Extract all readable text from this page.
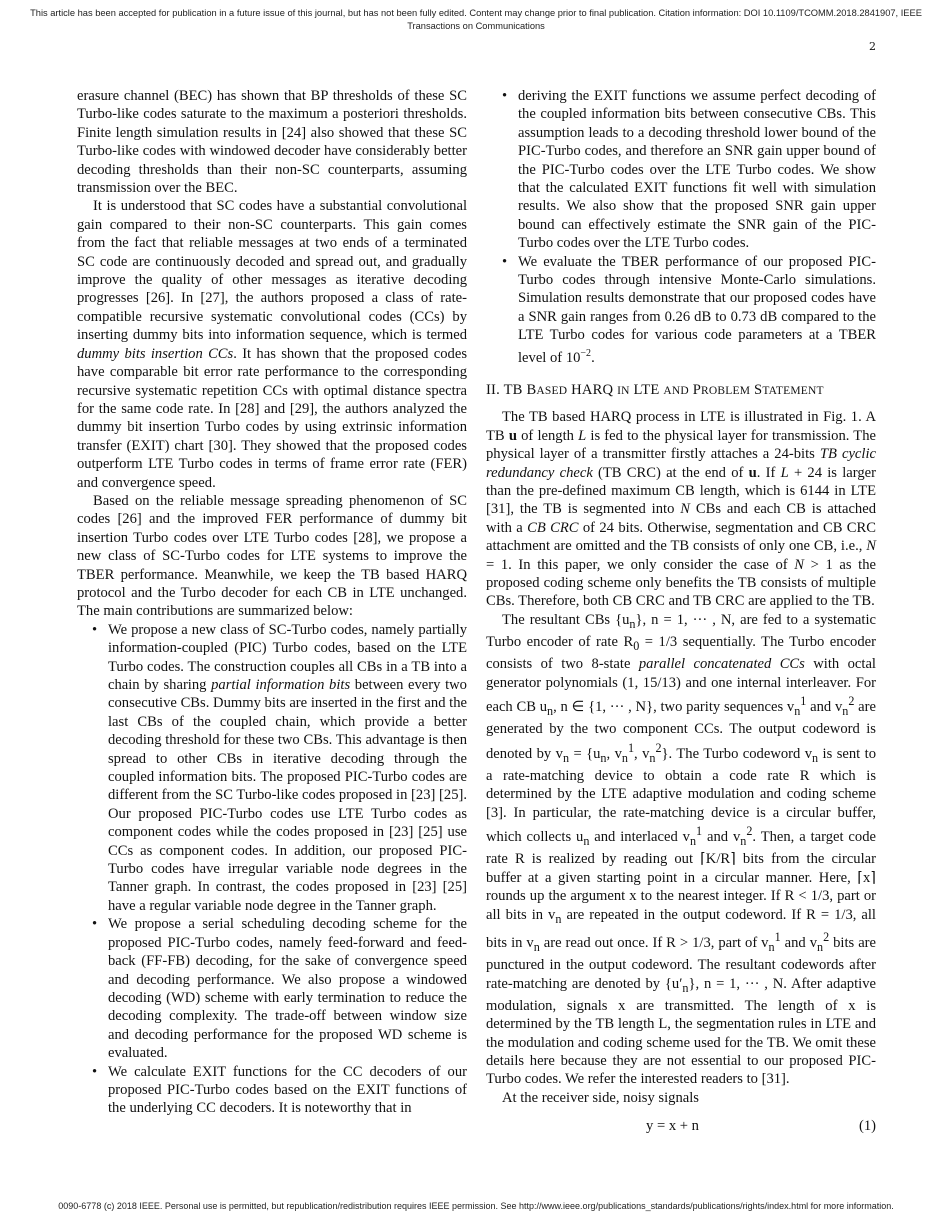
This article has been accepted for publication in a future issue of this journal, but has not been fully edited. Content may change prior to final publication. Citation information: DOI 10.1109/TCOMM.2018.2841907, IEEE
Transactions on Communications
2

erasure channel (BEC) has shown that BP thresholds of these SC Turbo-like codes saturate to the maximum a posteriori thresholds. Finite length simulation results in [24] also showed that these SC Turbo-like codes with windowed decoder have considerably better decoding thresholds than their non-SC counterparts, assuming transmission over the BEC.

It is understood that SC codes have a substantial convolutional gain compared to their non-SC counterparts. This gain comes from the fact that reliable messages at two ends of a terminated SC code are continuously decoded and spread out, and gradually improve the quality of other messages as iterative decoding progresses [26]. In [27], the authors proposed a class of rate-compatible recursive systematic convolutional codes (CCs) by inserting dummy bits into information sequence, which is termed dummy bits insertion CCs. It has shown that the proposed codes have comparable bit error rate performance to the corresponding recursive systematic repetition CCs with optimal distance spectra for the same code rate. In [28] and [29], the authors analyzed the dummy bit insertion Turbo codes by using extrinsic information transfer (EXIT) chart [30]. They showed that the proposed codes outperform LTE Turbo codes in terms of frame error rate (FER) and convergence speed.

Based on the reliable message spreading phenomenon of SC codes [26] and the improved FER performance of dummy bit insertion Turbo codes over LTE Turbo codes [28], we propose a new class of SC-Turbo codes for LTE systems to improve the TBER performance. Meanwhile, we keep the TB based HARQ protocol and the Turbo decoder for each CB in LTE unchanged. The main contributions are summarized below:

• We propose a new class of SC-Turbo codes, namely partially information-coupled (PIC) Turbo codes, based on the LTE Turbo codes. The construction couples all CBs in a TB into a chain by sharing partial information bits between every two consecutive CBs. Dummy bits are inserted in the first and the last CBs of the coupled chain, which provide a better decoding threshold for these two CBs. This advantage is then spread to other CBs in iterative decoding through the coupled information bits. The proposed PIC-Turbo codes are different from the SC Turbo-like codes proposed in [23] [25]. Our proposed PIC-Turbo codes use LTE Turbo codes as component codes while the codes proposed in [23] [25] use CCs as component codes. In addition, our proposed PIC-Turbo codes have irregular variable node degrees in the Tanner graph. In contrast, the codes proposed in [23] [25] have a regular variable node degree in the Tanner graph.
• We propose a serial scheduling decoding scheme for the proposed PIC-Turbo codes, namely feed-forward and feed-back (FF-FB) decoding, for the sake of convergence speed and decoding performance. We also propose a windowed decoding (WD) scheme with early termination to reduce the decoding complexity. The trade-off between window size and decoding performance for the proposed WD scheme is evaluated.
• We calculate EXIT functions for the CC decoders of our proposed PIC-Turbo codes based on the EXIT functions of the underlying CC decoders. It is noteworthy that in
• deriving the EXIT functions we assume perfect decoding of the coupled information bits between consecutive CBs. This assumption leads to a decoding threshold lower bound of the PIC-Turbo codes, and therefore an SNR gain upper bound of the PIC-Turbo codes over the LTE Turbo codes. We show that the calculated EXIT functions fit well with simulation results. We also show that the proposed SNR gain upper bound can effectively estimate the SNR gain of the PIC-Turbo codes over the LTE Turbo codes.
• We evaluate the TBER performance of our proposed PIC-Turbo codes through intensive Monte-Carlo simulations. Simulation results demonstrate that our proposed codes have a SNR gain ranges from 0.26 dB to 0.73 dB compared to the LTE Turbo codes for various code parameters at a TBER level of $10^{-2}$.
II. TB BASED HARQ IN LTE AND PROBLEM STATEMENT

The TB based HARQ process in LTE is illustrated in Fig. 1. A TB u of length L is fed to the physical layer for transmission. The physical layer of a transmitter firstly attaches a 24-bits TB cyclic redundancy check (TB CRC) at the end of u. If L + 24 is larger than the pre-defined maximum CB length, which is 6144 in LTE [31], the TB is segmented into N CBs and each CB is attached with a CB CRC of 24 bits. Otherwise, segmentation and CB CRC attachment are omitted and the TB consists of only one CB, i.e., N = 1. In this paper, we only consider the case of N > 1 as the proposed coding scheme only benefits the TB consists of multiple CBs. Therefore, both CB CRC and TB CRC are applied to the TB.

The resultant CBs $\{u_n\}$, n = 1, ··· , N, are fed to a systematic Turbo encoder of rate $R_0 = 1/3$ sequentially. The Turbo encoder consists of two 8-state parallel concatenated CCs with octal generator polynomials (1, 15/13) and one internal interleaver. For each CB $u_n$, n ∈ {1, ··· , N}, two parity sequences $v_n^1$ and $v_n^2$ are generated by the two component CCs. The output codeword is denoted by $v_n = \{u_n$, $v_n^1$, $v_n^2$}. The Turbo codeword $v_n$ is sent to a rate-matching device to obtain a code rate R which is determined by the LTE adaptive modulation and coding scheme [3]. In particular, the rate-matching device is a circular buffer, which collects $u_n$ and interlaced $v_n^1$ and $v_n^2$. Then, a target code rate R is realized by reading out ⌈K/R⌉ bits from the circular buffer at a given starting point in a circular manner. Here, ⌈x⌉ rounds up the argument x to the nearest integer. If R < 1/3, part or all bits in $v_n$ are repeated in the output codeword. If R = 1/3, all bits in $v_n$ are read out once. If R > 1/3, part of $v_n^1$ and $v_n^2$ bits are punctured in the output codeword. The resultant codewords after rate-matching are denoted by $\{u'_n\}$, n = 1, ··· , N. After adaptive modulation, signals x are transmitted. The length of x is determined by the TB length L, the segmentation rules in LTE and the modulation and coding scheme used for the TB. We omit these details here because they are not essential to our proposed PIC-Turbo codes. We refer the interested readers to [31].

At the receiver side, noisy signals

y = x + n	(1)
0090-6778 (c) 2018 IEEE. Personal use is permitted, but republication/redistribution requires IEEE permission. See http://www.ieee.org/publications_standards/publications/rights/index.html for more information.
